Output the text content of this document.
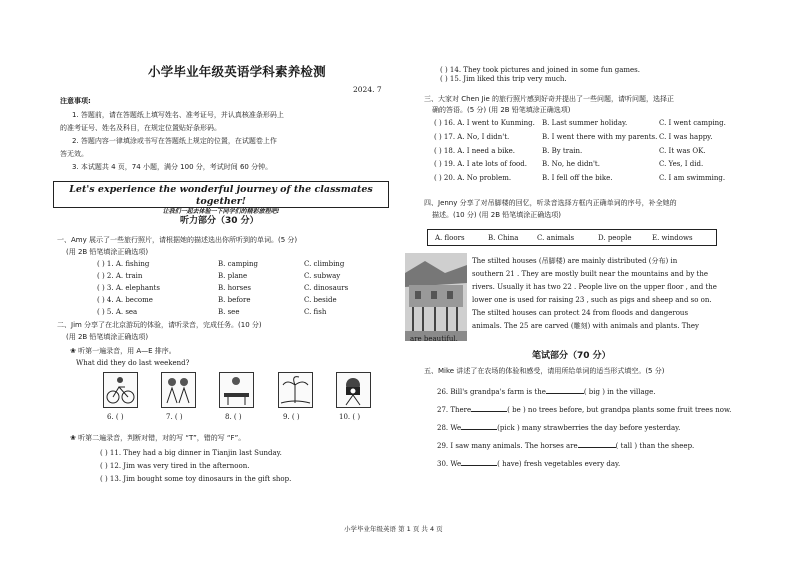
小学毕业年级英语学科素养检测
2024. 7
注意事项:
1. 答题前，请在答题纸上填写姓名、准考证号，并认真核准条形码上
的准考证号、姓名及科目，在规定位置贴好条形码。
2. 答题内容一律填涂或书写在答题纸上规定的位置，在试题卷上作
答无效。
3. 本试题共 4 页，74 小题，满分 100 分，考试时间 60 分钟。
Let's experience the wonderful journey of the classmates together!
让我们一起去体验一下同学们的精彩旅程吧!
听力部分（30 分）
一、Amy 展示了一些旅行照片，请根据她的描述选出你所听到的单词。(5 分)
(用 2B 铅笔填涂正确选项)
( ) 1. A. fishing	B. camping	C. climbing
( ) 2. A. train	B. plane	C. subway
( ) 3. A. elephants	B. horses	C. dinosaurs
( ) 4. A. become	B. before	C. beside
( ) 5. A. sea	B. see	C. fish
二、Jim 分享了在北京游玩的体验，请听录音，完成任务。(10 分)
(用 2B 铅笔填涂正确选项)
❀ 听第一遍录音，用 A—E 排序。
What did they do last weekend?
6. ( )	7. ( )	8. ( )	9. ( )	10. ( )
❀ 听第二遍录音，判断对错，对的写 “T”，错的写 “F”。
( ) 11. They had a big dinner in Tianjin last Sunday.
( ) 12. Jim was very tired in the afternoon.
( ) 13. Jim bought some toy dinosaurs in the gift shop.
( ) 14. They took pictures and joined in some fun games.
( ) 15. Jim liked this trip very much.
三、大家对 Chen Jie 的旅行照片感到好奇并提出了一些问题，请听问题，选择正
确的答语。(5 分) (用 2B 铅笔填涂正确选项)
( ) 16. A. I went to Kunming. B. Last summer holiday.	C. I went camping.
( ) 17. A. No, I didn't.	B. I went there with my parents. C. I was happy.
( ) 18. A. I need a bike.	B. By train.	C. It was OK.
( ) 19. A. I ate lots of food. B. No, he didn't.	C. Yes, I did.
( ) 20. A. No problem.	B. I fell off the bike.	C. I am swimming.
四、Jenny 分享了对吊脚楼的回忆，听录音选择方框内正确单词的序号，补全她的
描述。(10 分) (用 2B 铅笔填涂正确选项)
A. floors	B. China	C. animals	D. people	E. windows
The stilted houses (吊脚楼) are mainly distributed (分布) in
southern 21 . They are mostly built near the mountains and by the
rivers. Usually it has two 22 . People live on the upper floor , and the
lower one is used for raising 23 , such as pigs and sheep and so on.
The stilted houses can protect 24 from floods and dangerous
animals. The 25 are carved (雕刻) with animals and plants. They
are beautiful.
笔试部分（70 分）
五、Mike 讲述了在农场的体验和感受，请用所给单词的适当形式填空。(5 分)
26. Bill's grandpa's farm is the	( big ) in the village.
27. There	( be ) no trees before, but grandpa plants some fruit trees now.
28. We	(pick ) many strawberries the day before yesterday.
29. I saw many animals. The horses are	( tall ) than the sheep.
30. We	( have) fresh vegetables every day.
小学毕业年级英语 第 1 页 共 4 页
